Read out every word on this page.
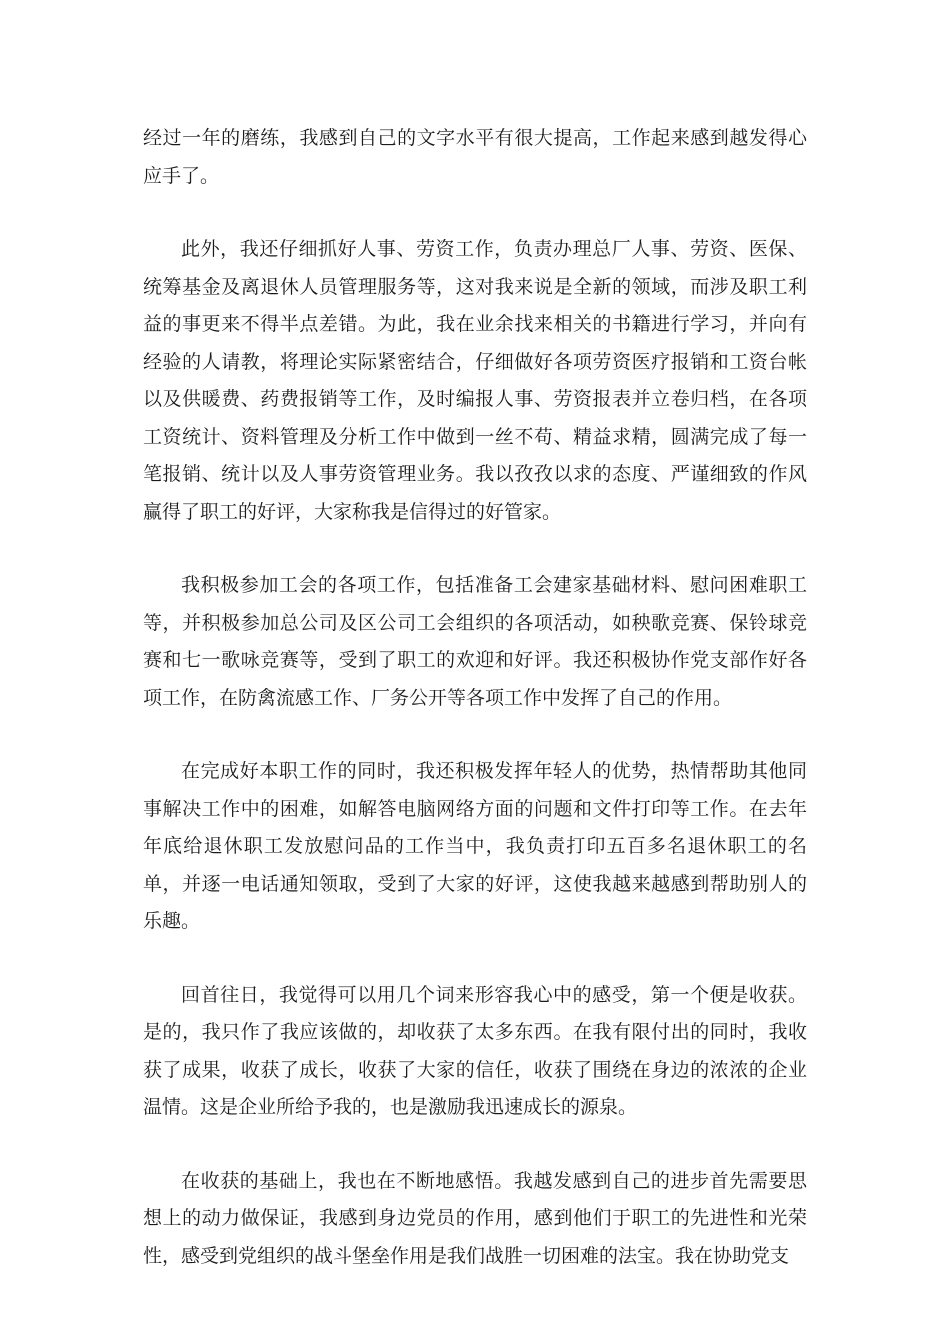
经过一年的磨练，我感到自己的文字水平有很大提高，工作起来感到越发得心应手了。

此外，我还仔细抓好人事、劳资工作，负责办理总厂人事、劳资、医保、统筹基金及离退休人员管理服务等，这对我来说是全新的领域，而涉及职工利益的事更来不得半点差错。为此，我在业余找来相关的书籍进行学习，并向有经验的人请教，将理论实际紧密结合，仔细做好各项劳资医疗报销和工资台帐以及供暖费、药费报销等工作，及时编报人事、劳资报表并立卷归档，在各项工资统计、资料管理及分析工作中做到一丝不苟、精益求精，圆满完成了每一笔报销、统计以及人事劳资管理业务。我以孜孜以求的态度、严谨细致的作风赢得了职工的好评，大家称我是信得过的好管家。

我积极参加工会的各项工作，包括准备工会建家基础材料、慰问困难职工等，并积极参加总公司及区公司工会组织的各项活动，如秧歌竞赛、保铃球竞赛和七一歌咏竞赛等，受到了职工的欢迎和好评。我还积极协作党支部作好各项工作，在防禽流感工作、厂务公开等各项工作中发挥了自己的作用。

在完成好本职工作的同时，我还积极发挥年轻人的优势，热情帮助其他同事解决工作中的困难，如解答电脑网络方面的问题和文件打印等工作。在去年年底给退休职工发放慰问品的工作当中，我负责打印五百多名退休职工的名单，并逐一电话通知领取，受到了大家的好评，这使我越来越感到帮助别人的乐趣。

回首往日，我觉得可以用几个词来形容我心中的感受，第一个便是收获。是的，我只作了我应该做的，却收获了太多东西。在我有限付出的同时，我收获了成果，收获了成长，收获了大家的信任，收获了围绕在身边的浓浓的企业温情。这是企业所给予我的，也是激励我迅速成长的源泉。

在收获的基础上，我也在不断地感悟。我越发感到自己的进步首先需要思想上的动力做保证，我感到身边党员的作用，感到他们于职工的先进性和光荣性，感受到党组织的战斗堡垒作用是我们战胜一切困难的法宝。我在协助党支
